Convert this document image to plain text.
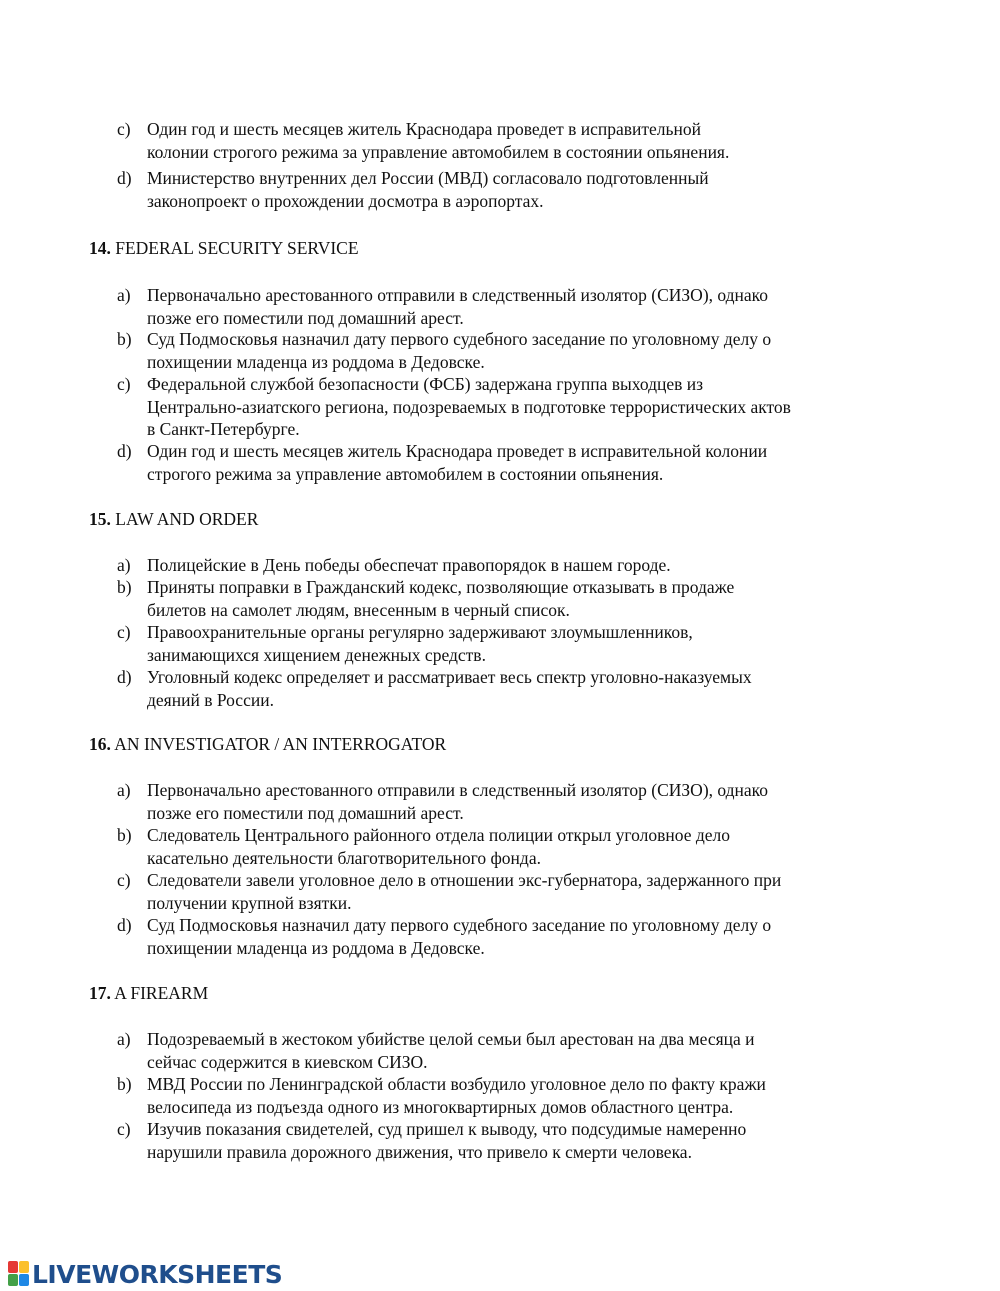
c) Один год и шесть месяцев житель Краснодара проведет в исправительной
колонии строгого режима за управление автомобилем в состоянии опьянения.
d) Министерство внутренних дел России (МВД) согласовало подготовленный
законопроект о прохождении досмотра в аэропортах.
14. FEDERAL SECURITY SERVICE
a) Первоначально арестованного отправили в следственный изолятор (СИЗО), однако
позже его поместили под домашний арест.
b) Суд Подмосковья назначил дату первого судебного заседание по уголовному делу о
похищении младенца из роддома в Дедовске.
c) Федеральной службой безопасности (ФСБ) задержана группа выходцев из
Центрально-азиатского региона, подозреваемых в подготовке террористических актов
в Санкт-Петербурге.
d) Один год и шесть месяцев житель Краснодара проведет в исправительной колонии
строгого режима за управление автомобилем в состоянии опьянения.
15. LAW AND ORDER
a) Полицейские в День победы обеспечат правопорядок в нашем городе.
b) Приняты поправки в Гражданский кодекс, позволяющие отказывать в продаже
билетов на самолет людям, внесенным в черный список.
c) Правоохранительные органы регулярно задерживают злоумышленников,
занимающихся хищением денежных средств.
d) Уголовный кодекс определяет и рассматривает весь спектр уголовно-наказуемых
деяний в России.
16. AN INVESTIGATOR / AN INTERROGATOR
a) Первоначально арестованного отправили в следственный изолятор (СИЗО), однако
позже его поместили под домашний арест.
b) Следователь Центрального районного отдела полиции открыл уголовное дело
касательно деятельности благотворительного фонда.
c) Следователи завели уголовное дело в отношении экс-губернатора, задержанного при
получении крупной взятки.
d) Суд Подмосковья назначил дату первого судебного заседание по уголовному делу о
похищении младенца из роддома в Дедовске.
17. A FIREARM
a) Подозреваемый в жестоком убийстве целой семьи был арестован на два месяца и
сейчас содержится в киевском СИЗО.
b) МВД России по Ленинградской области возбудило уголовное дело по факту кражи
велосипеда из подъезда одного из многоквартирных домов областного центра.
c) Изучив показания свидетелей, суд пришел к выводу, что подсудимые намеренно
нарушили правила дорожного движения, что привело к смерти человека.
LIVEWORKSHEETS
